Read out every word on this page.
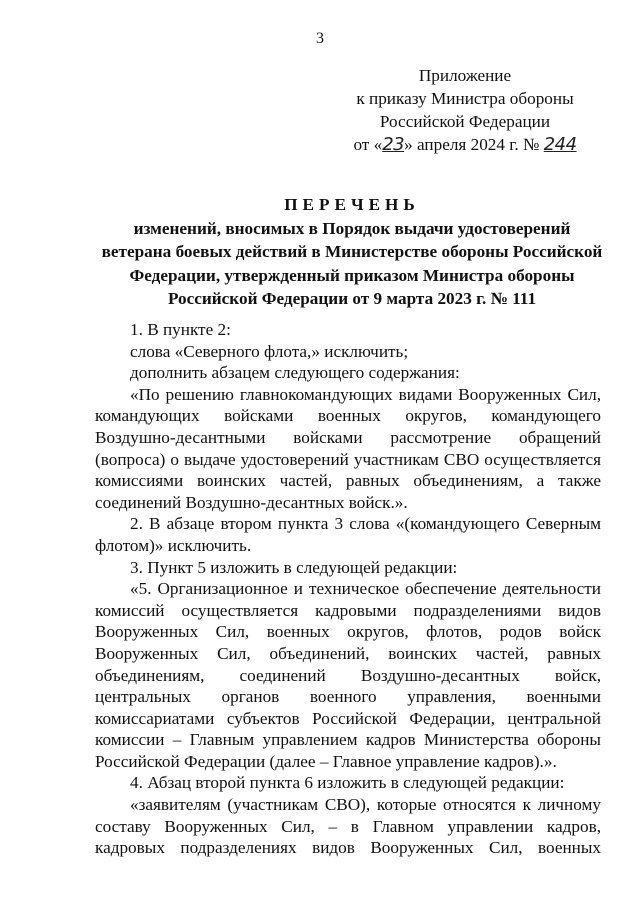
3
Приложение
к приказу Министра обороны
Российской Федерации
от «23» апреля 2024 г. № 244
ПЕРЕЧЕНЬ
изменений, вносимых в Порядок выдачи удостоверений
ветерана боевых действий в Министерстве обороны Российской
Федерации, утвержденный приказом Министра обороны
Российской Федерации от 9 марта 2023 г. № 111

1. В пункте 2:

слова «Северного флота,» исключить;

дополнить абзацем следующего содержания:

«По решению главнокомандующих видами Вооруженных Сил, командующих войсками военных округов, командующего Воздушно-десантными войсками рассмотрение обращений (вопроса) о выдаче удостоверений участникам СВО осуществляется комиссиями воинских частей, равных объединениям, а также соединений Воздушно-десантных войск.».

2. В абзаце втором пункта 3 слова «(командующего Северным флотом)» исключить.

3. Пункт 5 изложить в следующей редакции:

«5. Организационное и техническое обеспечение деятельности комиссий осуществляется кадровыми подразделениями видов Вооруженных Сил, военных округов, флотов, родов войск Вооруженных Сил, объединений, воинских частей, равных объединениям, соединений Воздушно-десантных войск, центральных органов военного управления, военными комиссариатами субъектов Российской Федерации, центральной комиссии – Главным управлением кадров Министерства обороны Российской Федерации (далее – Главное управление кадров).».

4. Абзац второй пункта 6 изложить в следующей редакции:

«заявителям (участникам СВО), которые относятся к личному составу Вооруженных Сил, – в Главном управлении кадров, кадровых подразделениях видов Вооруженных Сил, военных
